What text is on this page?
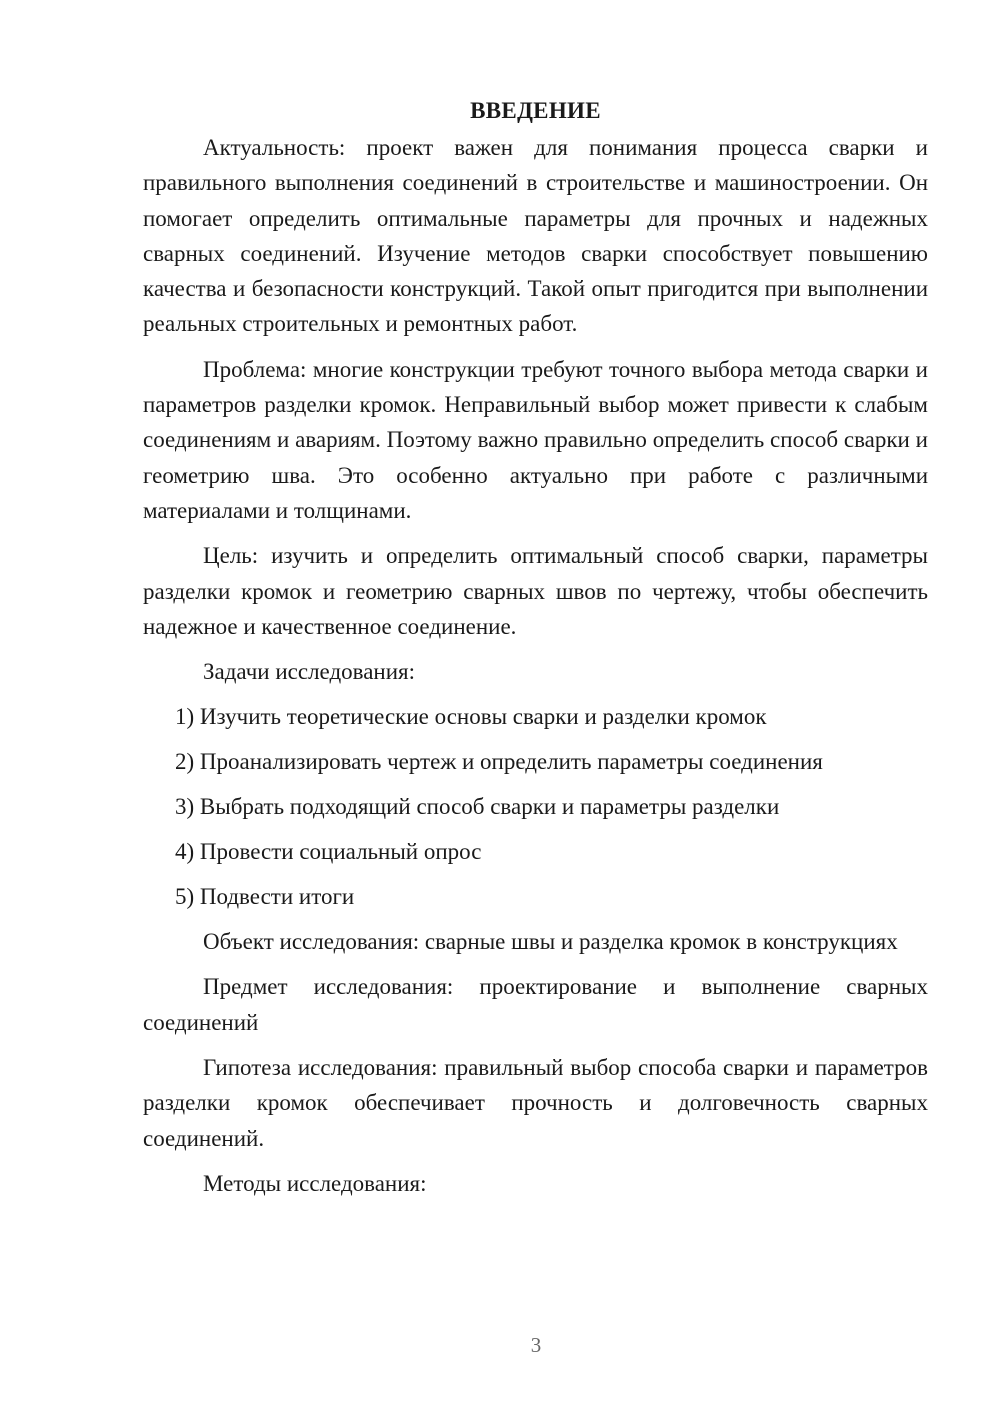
ВВЕДЕНИЕ

Актуальность: проект важен для понимания процесса сварки и правильного выполнения соединений в строительстве и машиностроении. Он помогает определить оптимальные параметры для прочных и надежных сварных соединений. Изучение методов сварки способствует повышению качества и безопасности конструкций. Такой опыт пригодится при выполнении реальных строительных и ремонтных работ.

Проблема: многие конструкции требуют точного выбора метода сварки и параметров разделки кромок. Неправильный выбор может привести к слабым соединениям и авариям. Поэтому важно правильно определить способ сварки и геометрию шва. Это особенно актуально при работе с различными материалами и толщинами.

Цель: изучить и определить оптимальный способ сварки, параметры разделки кромок и геометрию сварных швов по чертежу, чтобы обеспечить надежное и качественное соединение.

Задачи исследования:

1) Изучить теоретические основы сварки и разделки кромок
2) Проанализировать чертеж и определить параметры соединения
3) Выбрать подходящий способ сварки и параметры разделки
4) Провести социальный опрос
5) Подвести итоги

Объект исследования: сварные швы и разделка кромок в конструкциях

Предмет исследования: проектирование и выполнение сварных соединений

Гипотеза исследования: правильный выбор способа сварки и параметров разделки кромок обеспечивает прочность и долговечность сварных соединений.

Методы исследования:

3
